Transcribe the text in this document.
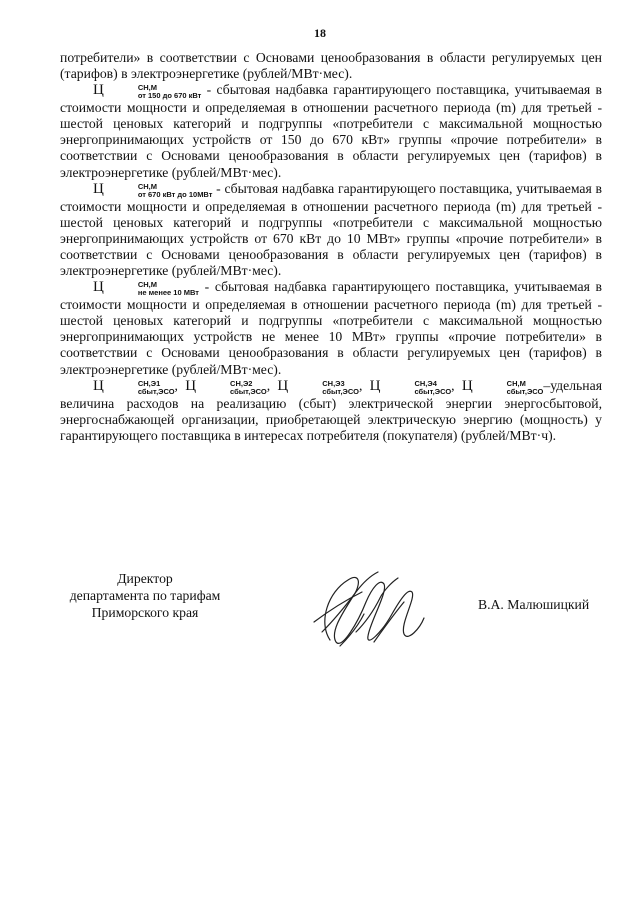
18

потребители» в соответствии с Основами ценообразования в области регулируемых цен (тарифов) в электроэнергетике (рублей/МВт·мес).

Ц	СН,М
от 150 до 670 кВт - сбытовая надбавка гарантирующего поставщика, учитываемая в стоимости мощности и определяемая в отношении расчетного периода (m) для третьей - шестой ценовых категорий и подгруппы «потребители с максимальной мощностью энергопринимающих устройств от 150 до 670 кВт» группы «прочие потребители» в соответствии с Основами ценообразования в области регулируемых цен (тарифов) в электроэнергетике (рублей/МВт·мес).

Ц	СН,М
от 670 кВт до 10МВт - сбытовая надбавка гарантирующего поставщика, учитываемая в стоимости мощности и определяемая в отношении расчетного периода (m) для третьей - шестой ценовых категорий и подгруппы «потребители с максимальной мощностью энергопринимающих устройств от 670 кВт до 10 МВт» группы «прочие потребители» в соответствии с Основами ценообразования в области регулируемых цен (тарифов) в электроэнергетике (рублей/МВт·мес).

Ц	СН,М
не менее 10 МВт - сбытовая надбавка гарантирующего поставщика, учитываемая в стоимости мощности и определяемая в отношении расчетного периода (m) для третьей - шестой ценовых категорий и подгруппы «потребители с максимальной мощностью энергопринимающих устройств не менее 10 МВт» группы «прочие потребители» в соответствии с Основами ценообразования в области регулируемых цен (тарифов) в электроэнергетике (рублей/МВт·мес).

Ц	СН,Э1
сбыт,ЭСО , Ц	СН,Э2
сбыт,ЭСО , Ц	СН,Э3
сбыт,ЭСО , Ц	СН,Э4
сбыт,ЭСО , Ц	СН,М
сбыт,ЭСО –удельная величина расходов на реализацию (сбыт) электрической энергии энергосбытовой, энергоснабжающей организации, приобретающей электрическую энергию (мощность) у гарантирующего поставщика в интересах потребителя (покупателя) (рублей/МВт·ч).

Директор
департамента по тарифам
Приморского края
В.А. Малюшицкий
